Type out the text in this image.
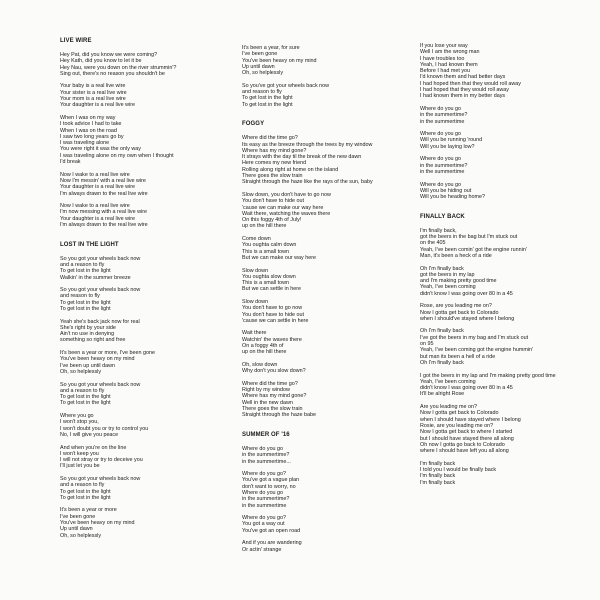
LIVE WIRE
Hey Pat, did you know we were coming?
Hey Kath, did you know to let it be
Hey Nau, were you down on the river strummin'?
Sing out, there's no reason you shouldn't be
Your baby is a real live wire
Your sister is a real live wire
Your mom is a real live wire
Your daughter is a real live wire
When I was on my way
I took advice I had to take
When I was on the road
I saw two long years go by
I was traveling alone
You were right it was the only way
I was traveling alone on my own when I thought
I'd break
Now I wake to a real live wire
Now I'm messin' with a real live wire
Your daughter is a real live wire
I'm always drawn to the real live wire
Now I wake to a real live wire
I'm now messing with a real live wire
Your daughter is a real live wire
I'm always drawn to the real live wire
LOST IN THE LIGHT
So you got your wheels back now
and a reason to fly
To get lost in the light
Walkin' in the summer breeze
So you got your wheels back now
and reason to fly
To get lost in the light
To get lost in the light
Yeah she's back jack now for real
She's right by your side
Ain't no use in denying
something so right and free
It's been a year or more, I've been gone
You've been heavy on my mind
I've been up until dawn
Oh, so helplessly
So you got your wheels back now
and a reason to fly
To get lost in the light
To get lost in the light
Where you go
I won't stop you,
I won't doubt you or try to control you
No, I will give you peace
And when you're on the line
I won't keep you
I will not stray or try to deceive you
I'll just let you be
So you got your wheels back now
and a reason to fly
To get lost in the light
To get lost in the light
It's been a year or more
I've been gone
You've been heavy on my mind
Up until dawn
Oh, so helplessly
It's been a year, for sure
I've been gone
You've been heavy on my mind
Up until dawn
Oh, so helplessly
So you've got your wheels back now
and reason to fly
To get lost in the light
To get lost in the light
FOGGY
Where did the time go?
Its easy as the breeze through the trees by my window
Where has my mind gone?
It strays with the day til the break of the new dawn
Here comes my new friend
Rolling along right at home on the island
There goes the slow train
Straight through the haze like the rays of the sun, baby
Slow down, you don't have to go now
You don't have to hide out
'cause we can make our way here
Wait there, watching the waves there
On this foggy 4th of July!
up on the hill there
Come down
You oughta calm down
This is a small town
But we can make our way here
Slow down
You oughta slow down
This is a small town
But we can settle in here
Slow down
You don't have to go now
You don't have to hide out
'cause we can settle in here
Wait there
Watchin' the waves there
On a foggy 4th of
up on the hill there
Oh, slow down
Why don't you slow down?
Where did the time go?
Right by my window
Where has my mind gone?
Well in the new dawn
There goes the slow train
Straight through the haze babe
SUMMER OF '16
Where do you go
in the summertime?
in the summertime...
Where do you go?
You've got a vague plan
don't want to worry, no
Where do you go
in the summertime?
in the summertime
Where do you go?
You got a way out
You've got an open road
And if you are wandering
Or actin' strange
If you lose your way
Well I am the wrong man
I have troubles too
Yeah, I had known them
Before I had met you
I'd known them and had better days
I had hoped then that they would roll away
I had hoped that they would roll away
I had known them in my better days
Where do you go
in the summertime?
in the summertime
Where do you go
Will you be running 'round
Will you be laying low?
Where do you go
in the summertime?
in the summertime
Where do you go
Will you be hiding out
Will you be heading home?
FINALLY BACK
I'm finally back,
got the beers in the bag but I'm stuck out
on the 405
Yeah, I've been comin' got the engine runnin'
Man, it's been a heck of a ride
Oh I'm finally back
got the beers in my lap
and I'm making pretty good time
Yeah, I've been coming
didn't know I was going over 80 in a 45
Rose, are you leading me on?
Now I gotta get back to Colorado
when I should've stayed where I belong
Oh I'm finally back
I've got the beers in my bag and I'm stuck out
on 95
Yeah, I've been coming got the engine hummin'
but man its been a hell of a ride
Oh I'm finally back
I got the beers in my lap and I'm making pretty good time
Yeah, I've been coming
didn't know I was going over 80 in a 45
It'll be alright Rose
Are you leading me on?
Now I gotta get back to Colorado
when I should have stayed where I belong
Rosie, are you leading me on?
Now I gotta get back to where I started
but I should have stayed there all along
Oh now I gotta go back to Colorado
where I should have left you all along
I'm finally back
I told you I would be finally back
I'm finally back
I'm finally back
